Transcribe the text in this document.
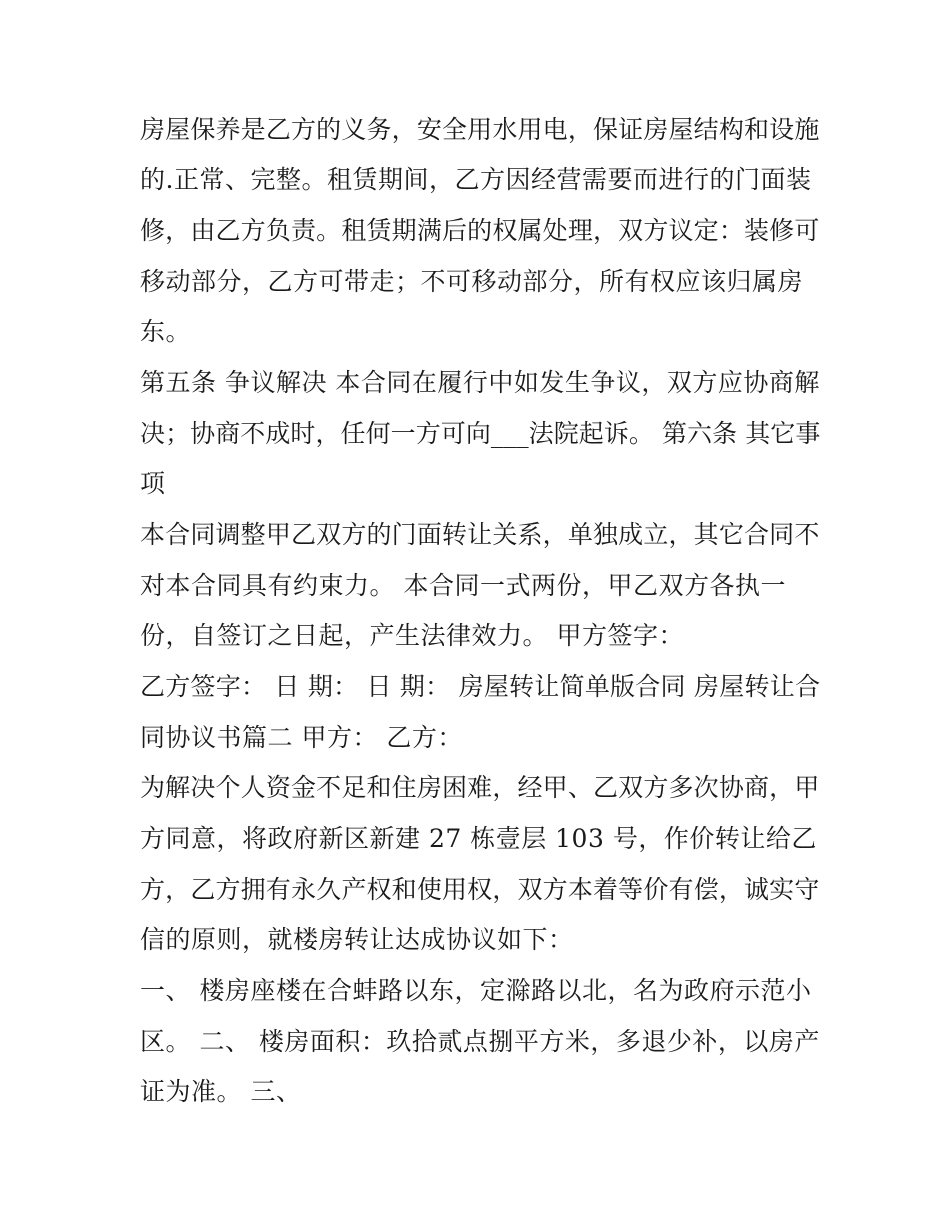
房屋保养是乙方的义务，安全用水用电，保证房屋结构和设施
的.正常、完整。租赁期间，乙方因经营需要而进行的门面装
修，由乙方负责。租赁期满后的权属处理，双方议定：装修可
移动部分，乙方可带走；不可移动部分，所有权应该归属房
东。
第五条 争议解决 本合同在履行中如发生争议，双方应协商解
决；协商不成时，任何一方可向___法院起诉。 第六条 其它事
项
本合同调整甲乙双方的门面转让关系，单独成立，其它合同不
对本合同具有约束力。 本合同一式两份，甲乙双方各执一
份，自签订之日起，产生法律效力。 甲方签字：
乙方签字： 日 期： 日 期： 房屋转让简单版合同 房屋转让合
同协议书篇二 甲方： 乙方：
为解决个人资金不足和住房困难，经甲、乙双方多次协商，甲
方同意，将政府新区新建 27 栋壹层 103 号，作价转让给乙
方，乙方拥有永久产权和使用权，双方本着等价有偿，诚实守
信的原则，就楼房转让达成协议如下：
一、 楼房座楼在合蚌路以东，定滁路以北，名为政府示范小
区。 二、 楼房面积：玖拾贰点捌平方米，多退少补，以房产
证为准。 三、
